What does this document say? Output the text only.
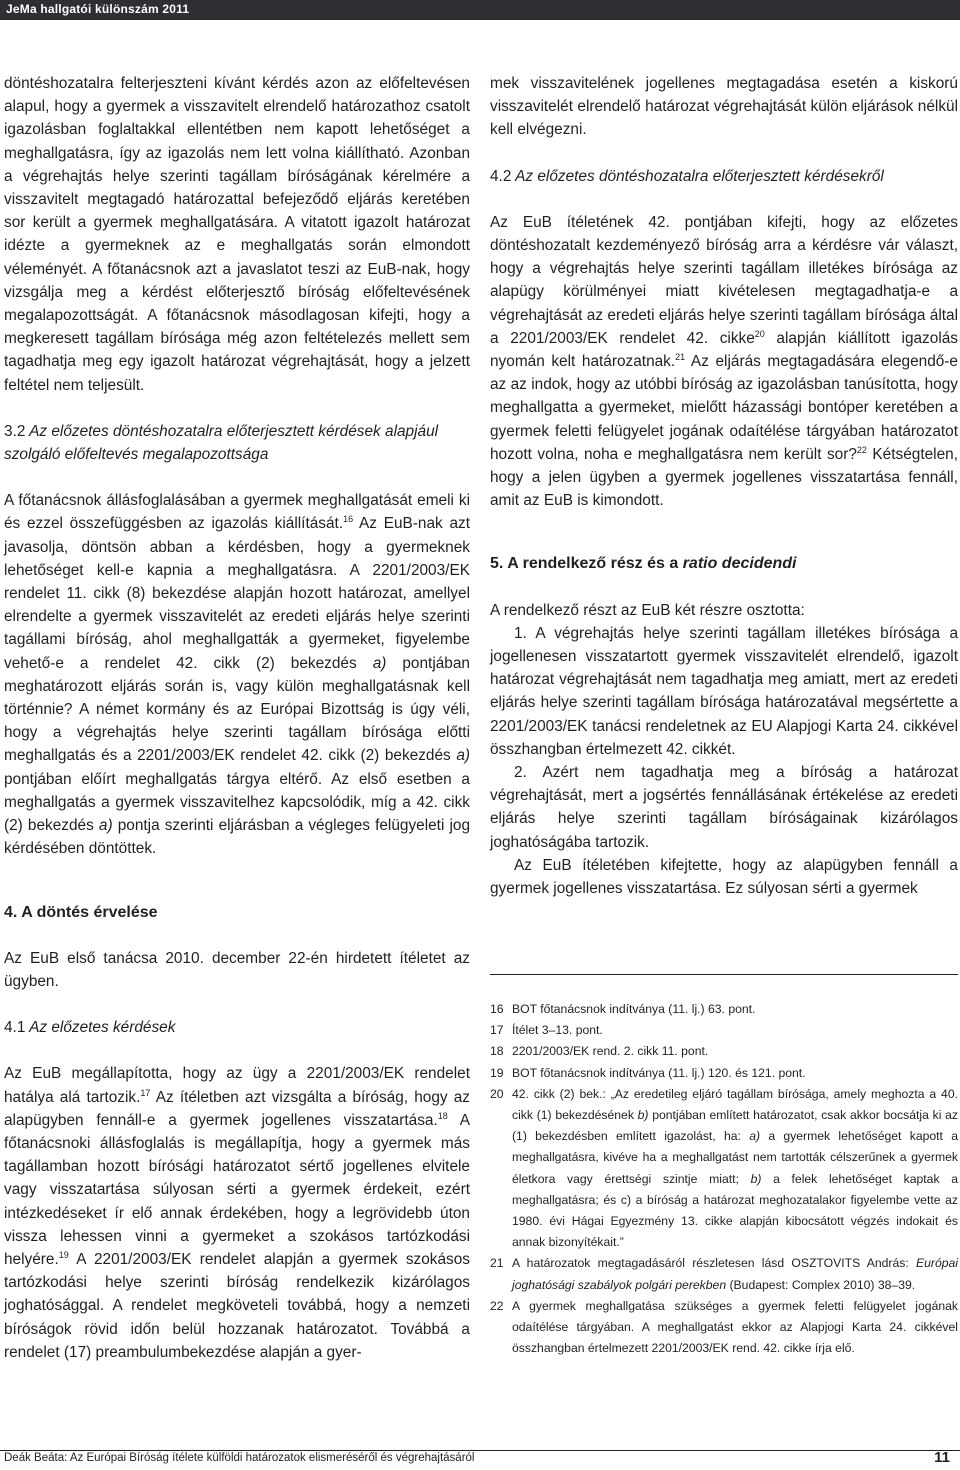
JeMa hallgatói különszám 2011

döntéshozatalra felterjeszteni kívánt kérdés azon az előfeltevésen alapul, hogy a gyermek a visszavitelt elrendelő határozathoz csatolt igazolásban foglaltakkal ellentétben nem kapott lehetőséget a meghallgatásra, így az igazolás nem lett volna kiállítható. Azonban a végrehajtás helye szerinti tagállam bíróságának kérelmére a visszavitelt megtagadó határozattal befejeződő eljárás keretében sor került a gyermek meghallgatására. A vitatott igazolt határozat idézte a gyermeknek az e meghallgatás során elmondott véleményét. A főtanácsnok azt a javaslatot teszi az EuB-nak, hogy vizsgálja meg a kérdést előterjesztő bíróság előfeltevésének megalapozottságát. A főtanácsnok másodlagosan kifejti, hogy a megkeresett tagállam bírósága még azon feltételezés mellett sem tagadhatja meg egy igazolt határozat végrehajtását, hogy a jelzett feltétel nem teljesült.

3.2 Az előzetes döntéshozatalra előterjesztett kérdések alapjául szolgáló előfeltevés megalapozottsága

A főtanácsnok állásfoglalásában a gyermek meghallgatását emeli ki és ezzel összefüggésben az igazolás kiállítását.$^{16}$ Az EuB-nak azt javasolja, döntsön abban a kérdésben, hogy a gyermeknek lehetőséget kell-e kapnia a meghallgatásra. A 2201/2003/EK rendelet 11. cikk (8) bekezdése alapján hozott határozat, amellyel elrendelte a gyermek visszavitelét az eredeti eljárás helye szerinti tagállami bíróság, ahol meghallgatták a gyermeket, figyelembe vehető-e a rendelet 42. cikk (2) bekezdés a) pontjában meghatározott eljárás során is, vagy külön meghallgatásnak kell történnie? A német kormány és az Európai Bizottság is úgy véli, hogy a végrehajtás helye szerinti tagállam bírósága előtti meghallgatás és a 2201/2003/EK rendelet 42. cikk (2) bekezdés a) pontjában előírt meghallgatás tárgya eltérő. Az első esetben a meghallgatás a gyermek visszavitelhez kapcsolódik, míg a 42. cikk (2) bekezdés a) pontja szerinti eljárásban a végleges felügyeleti jog kérdésében döntöttek.

4. A döntés érvelése

Az EuB első tanácsa 2010. december 22-én hirdetett ítéletet az ügyben.

4.1 Az előzetes kérdések

Az EuB megállapította, hogy az ügy a 2201/2003/EK rendelet hatálya alá tartozik.$^{17}$ Az ítéletben azt vizsgálta a bíróság, hogy az alapügyben fennáll-e a gyermek jogellenes visszatartása.$^{18}$ A főtanácsnoki állásfoglalás is megállapítja, hogy a gyermek más tagállamban hozott bírósági határozatot sértő jogellenes elvitele vagy visszatartása súlyosan sérti a gyermek érdekeit, ezért intézkedéseket ír elő annak érdekében, hogy a legrövidebb úton vissza lehessen vinni a gyermeket a szokásos tartózkodási helyére.$^{19}$ A 2201/2003/EK rendelet alapján a gyermek szokásos tartózkodási helye szerinti bíróság rendelkezik kizárólagos joghatósággal. A rendelet megköveteli továbbá, hogy a nemzeti bíróságok rövid időn belül hozzanak határozatot. Továbbá a rendelet (17) preambulumbekezdése alapján a gyer-

mek visszavitelének jogellenes megtagadása esetén a kiskorú visszavitelét elrendelő határozat végrehajtását külön eljárások nélkül kell elvégezni.

4.2 Az előzetes döntéshozatalra előterjesztett kérdésekről

Az EuB ítéletének 42. pontjában kifejti, hogy az előzetes döntéshozatalt kezdeményező bíróság arra a kérdésre vár választ, hogy a végrehajtás helye szerinti tagállam illetékes bírósága az alapügy körülményei miatt kivételesen megtagadhatja-e a végrehajtását az eredeti eljárás helye szerinti tagállam bírósága által a 2201/2003/EK rendelet 42. cikke$^{20}$ alapján kiállított igazolás nyomán kelt határozatnak.$^{21}$ Az eljárás megtagadására elegendő-e az az indok, hogy az utóbbi bíróság az igazolásban tanúsította, hogy meghallgatta a gyermeket, mielőtt házassági bontóper keretében a gyermek feletti felügyelet jogának odaítélése tárgyában határozatot hozott volna, noha e meghallgatásra nem került sor?$^{22}$ Kétségtelen, hogy a jelen ügyben a gyermek jogellenes visszatartása fennáll, amit az EuB is kimondott.

5. A rendelkező rész és a ratio decidendi

A rendelkező részt az EuB két részre osztotta:

1. A végrehajtás helye szerinti tagállam illetékes bírósága a jogellenesen visszatartott gyermek visszavitelét elrendelő, igazolt határozat végrehajtását nem tagadhatja meg amiatt, mert az eredeti eljárás helye szerinti tagállam bírósága határozatával megsértette a 2201/2003/EK tanácsi rendeletnek az EU Alapjogi Karta 24. cikkével összhangban értelmezett 42. cikkét.

2. Azért nem tagadhatja meg a bíróság a határozat végrehajtását, mert a jogsértés fennállásának értékelése az eredeti eljárás helye szerinti tagállam bíróságainak kizárólagos joghatóságába tartozik.

Az EuB ítéletében kifejtette, hogy az alapügyben fennáll a gyermek jogellenes visszatartása. Ez súlyosan sérti a gyermek

16 BOT főtanácsnok indítványa (11. lj.) 63. pont.
17 Ítélet 3–13. pont.
18 2201/2003/EK rend. 2. cikk 11. pont.
19 BOT főtanácsnok indítványa (11. lj.) 120. és 121. pont.
20 42. cikk (2) bek.: „Az eredetileg eljáró tagállam bírósága, amely meghozta a 40. cikk (1) bekezdésének b) pontjában említett határozatot, csak akkor bocsátja ki az (1) bekezdésben említett igazolást, ha: a) a gyermek lehetőséget kapott a meghallgatásra, kivéve ha a meghallgatást nem tartották célszerűnek a gyermek életkora vagy érettségi szintje miatt; b) a felek lehetőséget kaptak a meghallgatásra; és c) a bíróság a határozat meghozatalakor figyelembe vette az 1980. évi Hágai Egyezmény 13. cikke alapján kibocsátott végzés indokait és annak bizonyítékait.”
21 A határozatok megtagadásáról részletesen lásd OSZTOVITS András: Európai joghatósági szabályok polgári perekben (Budapest: Complex 2010) 38–39.
22 A gyermek meghallgatása szükséges a gyermek feletti felügyelet jogának odaítélése tárgyában. A meghallgatást ekkor az Alapjogi Karta 24. cikkével összhangban értelmezett 2201/2003/EK rend. 42. cikke írja elő.
Deák Beáta: Az Európai Bíróság ítélete külföldi határozatok elismeréséről és végrehajtásáról	11
